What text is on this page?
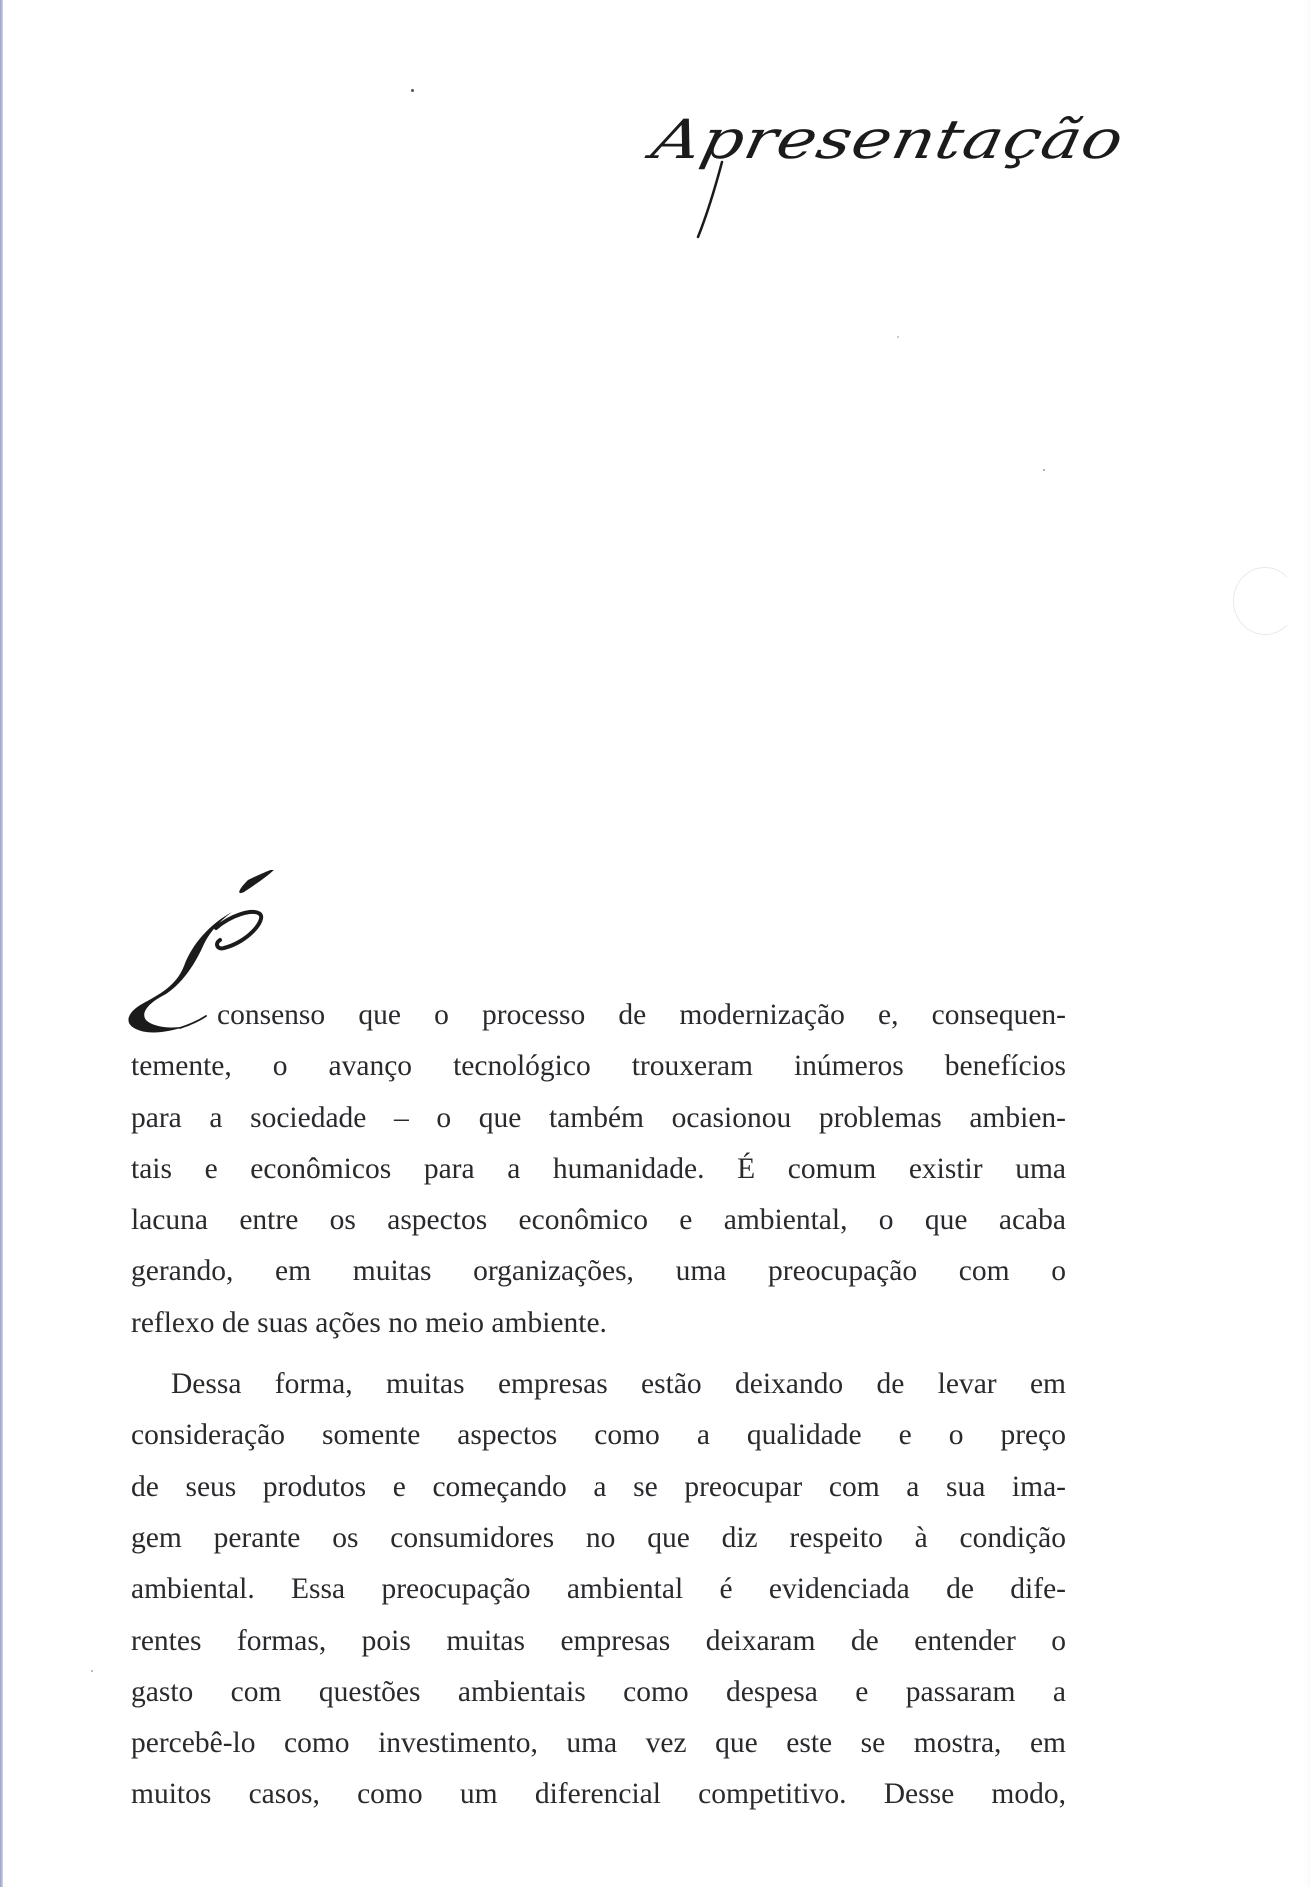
Apresentação
consenso que o processo de modernização e, consequen-
temente, o avanço tecnológico trouxeram inúmeros benefícios
para a sociedade – o que também ocasionou problemas ambien-
tais e econômicos para a humanidade. É comum existir uma
lacuna entre os aspectos econômico e ambiental, o que acaba
gerando, em muitas organizações, uma preocupação com o
reflexo de suas ações no meio ambiente.
Dessa forma, muitas empresas estão deixando de levar em
consideração somente aspectos como a qualidade e o preço
de seus produtos e começando a se preocupar com a sua ima-
gem perante os consumidores no que diz respeito à condição
ambiental. Essa preocupação ambiental é evidenciada de dife-
rentes formas, pois muitas empresas deixaram de entender o
gasto com questões ambientais como despesa e passaram a
percebê-lo como investimento, uma vez que este se mostra, em
muitos casos, como um diferencial competitivo. Desse modo,
